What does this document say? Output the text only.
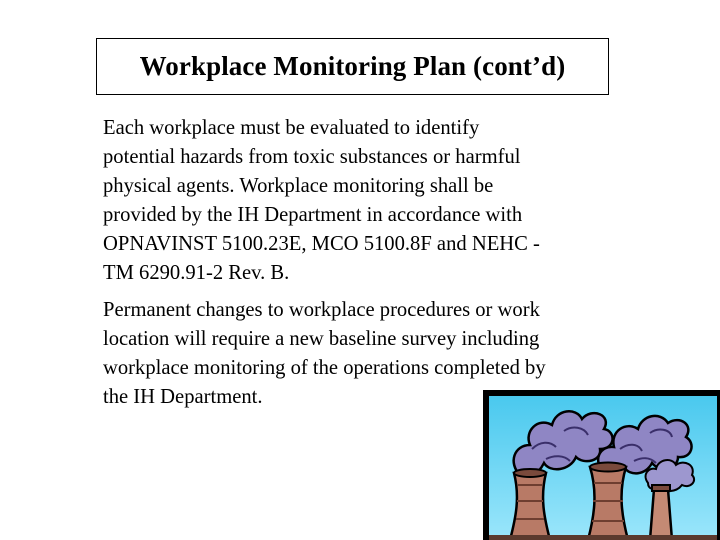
Workplace Monitoring Plan (cont’d)

Each workplace must be evaluated to identify
potential hazards from toxic substances or harmful
physical agents. Workplace monitoring shall be
provided by the IH Department in accordance with
OPNAVINST 5100.23E, MCO 5100.8F and NEHC -
TM 6290.91-2 Rev. B.

Permanent changes to workplace procedures or work
location will require a new baseline survey including
workplace monitoring of the operations completed by
the IH Department.
